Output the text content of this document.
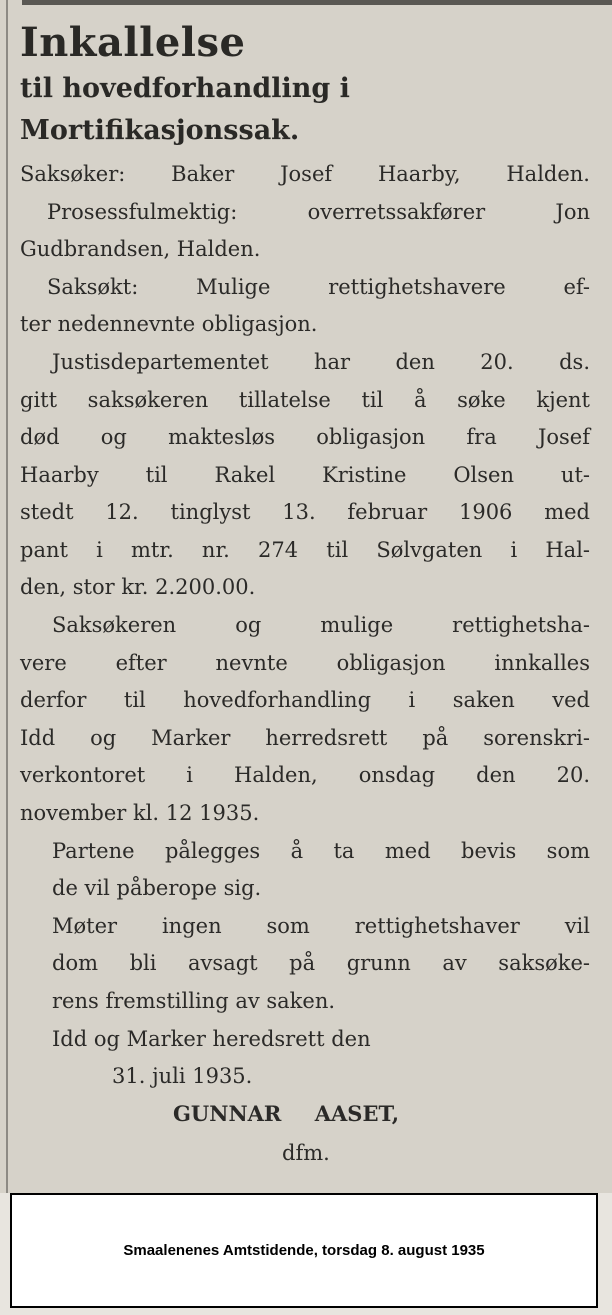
Inkallelse
til hovedforhandling i
Mortifikasjonssak.
Saksøker: Baker Josef Haarby, Halden.
Prosessfulmektig: overretssakfører Jon
Gudbrandsen, Halden.
Saksøkt: Mulige rettighetshavere ef-
ter nedennevnte obligasjon.
Justisdepartementet har den 20. ds.
gitt saksøkeren tillatelse til å søke kjent
død og maktesløs obligasjon fra Josef
Haarby til Rakel Kristine Olsen ut-
stedt 12. tinglyst 13. februar 1906 med
pant i mtr. nr. 274 til Sølvgaten i Hal-
den, stor kr. 2.200.00.
Saksøkeren og mulige rettighetsha-
vere efter nevnte obligasjon innkalles
derfor til hovedforhandling i saken ved
Idd og Marker herredsrett på sorenskri-
verkontoret i Halden, onsdag den 20.
november kl. 12 1935.
Partene pålegges å ta med bevis som
de vil påberope sig.
Møter ingen som rettighetshaver vil
dom bli avsagt på grunn av saksøke-
rens fremstilling av saken.
Idd og Marker heredsrett den
31. juli 1935.
GUNNAR AASET,
dfm.
Smaalenenes Amtstidende, torsdag 8. august 1935
